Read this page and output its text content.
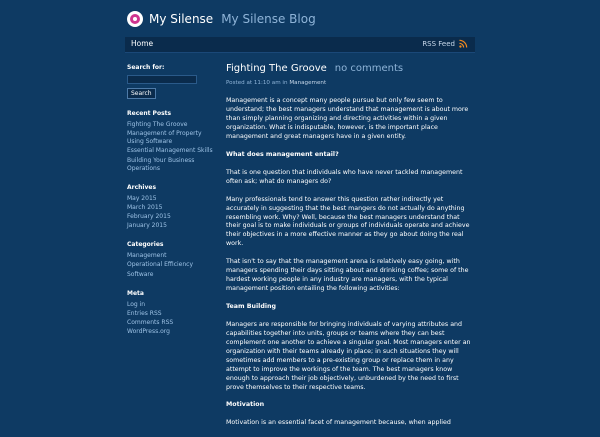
My Silense My Silense Blog
Home	RSS Feed
Search for:
Search
Recent Posts
Fighting The Groove
Management of Property Using Software
Essential Management Skills
Building Your Business Operations
Archives
May 2015
March 2015
February 2015
January 2015
Categories
Management
Operational Efficiency
Software
Meta
Log in
Entries RSS
Comments RSS
WordPress.org
Fighting The Groove no comments
Posted at 11:10 am in Management

Management is a concept many people pursue but only few seem to understand; the best managers understand that management is about more than simply planning organizing and directing activities within a given organization. What is indisputable, however, is the important place management and great managers have in a given entity.

What does management entail?

That is one question that individuals who have never tackled management often ask; what do managers do?

Many professionals tend to answer this question rather indirectly yet accurately in suggesting that the best mangers do not actually do anything resembling work. Why? Well, because the best managers understand that their goal is to make individuals or groups of individuals operate and achieve their objectives in a more effective manner as they go about doing the real work.

That isn't to say that the management arena is relatively easy going, with managers spending their days sitting about and drinking coffee; some of the hardest working people in any industry are managers, with the typical management position entailing the following activities:

Team Building

Managers are responsible for bringing individuals of varying attributes and capabilities together into units, groups or teams where they can best complement one another to achieve a singular goal. Most managers enter an organization with their teams already in place; in such situations they will sometimes add members to a pre-existing group or replace them in any attempt to improve the workings of the team. The best managers know enough to approach their job objectively, unburdened by the need to first prove themselves to their respective teams.

Motivation

Motivation is an essential facet of management because, when applied
